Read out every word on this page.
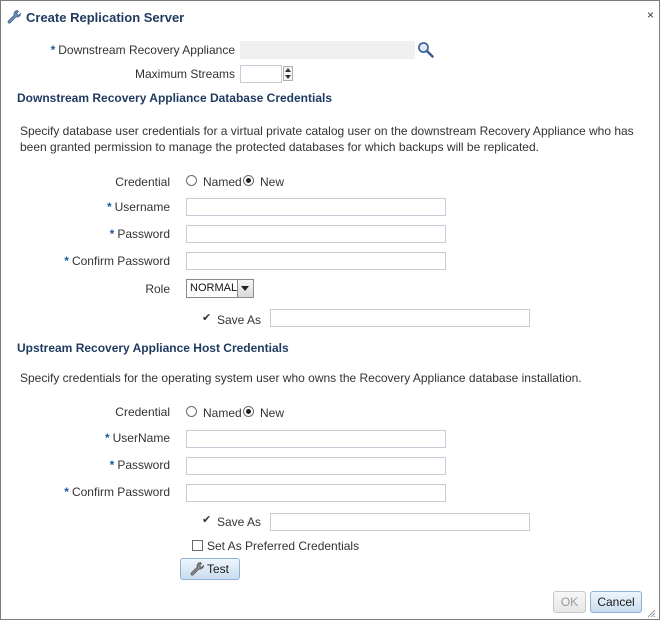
Create Replication Server	×
* Downstream Recovery Appliance
Maximum Streams
Downstream Recovery Appliance Database Credentials
Specify database user credentials for a virtual private catalog user on the downstream Recovery Appliance who has been granted permission to manage the protected databases for which backups will be replicated.
Credential	Named New
* Username
* Password
* Confirm Password
Role NORMAL
✔ Save As
Upstream Recovery Appliance Host Credentials
Specify credentials for the operating system user who owns the Recovery Appliance database installation.
Credential	Named New
* UserName
* Password
* Confirm Password
✔ Save As
Set As Preferred Credentials
Test
OK	Cancel
